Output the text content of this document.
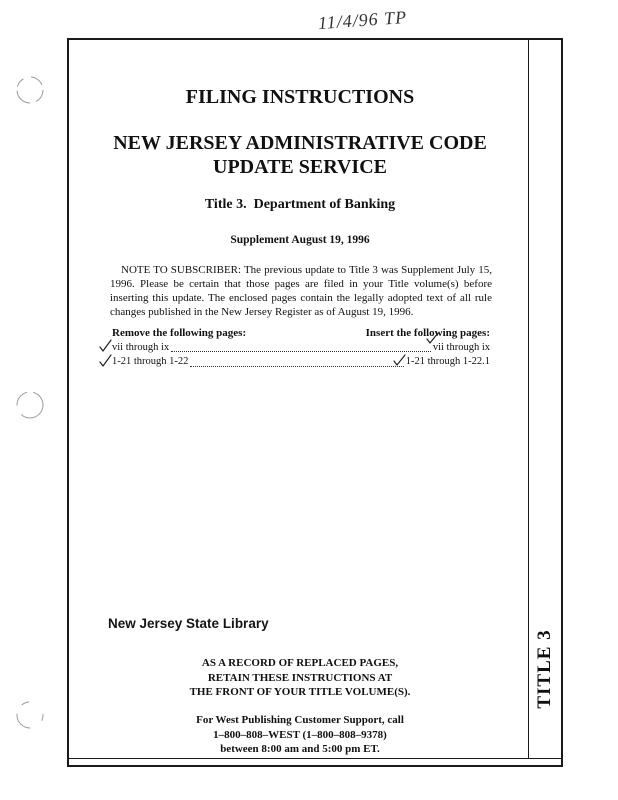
11/4/96 TP
FILING INSTRUCTIONS
NEW JERSEY ADMINISTRATIVE CODE
UPDATE SERVICE
Title 3.  Department of Banking
Supplement August 19, 1996
NOTE TO SUBSCRIBER: The previous update to Title 3 was Supplement July 15,
1996. Please be certain that those pages are filed in your Title volume(s) before
inserting this update. The enclosed pages contain the legally adopted text of all rule
changes published in the New Jersey Register as of August 19, 1996.
Remove the following pages:	Insert the following pages:
vii through ix	vii through ix
1-21 through 1-22	1-21 through 1-22.1
New Jersey State Library
AS A RECORD OF REPLACED PAGES,
RETAIN THESE INSTRUCTIONS AT
THE FRONT OF YOUR TITLE VOLUME(S).
For West Publishing Customer Support, call
1–800–808–WEST (1–800–808–9378)
between 8:00 am and 5:00 pm ET.
TITLE 3
